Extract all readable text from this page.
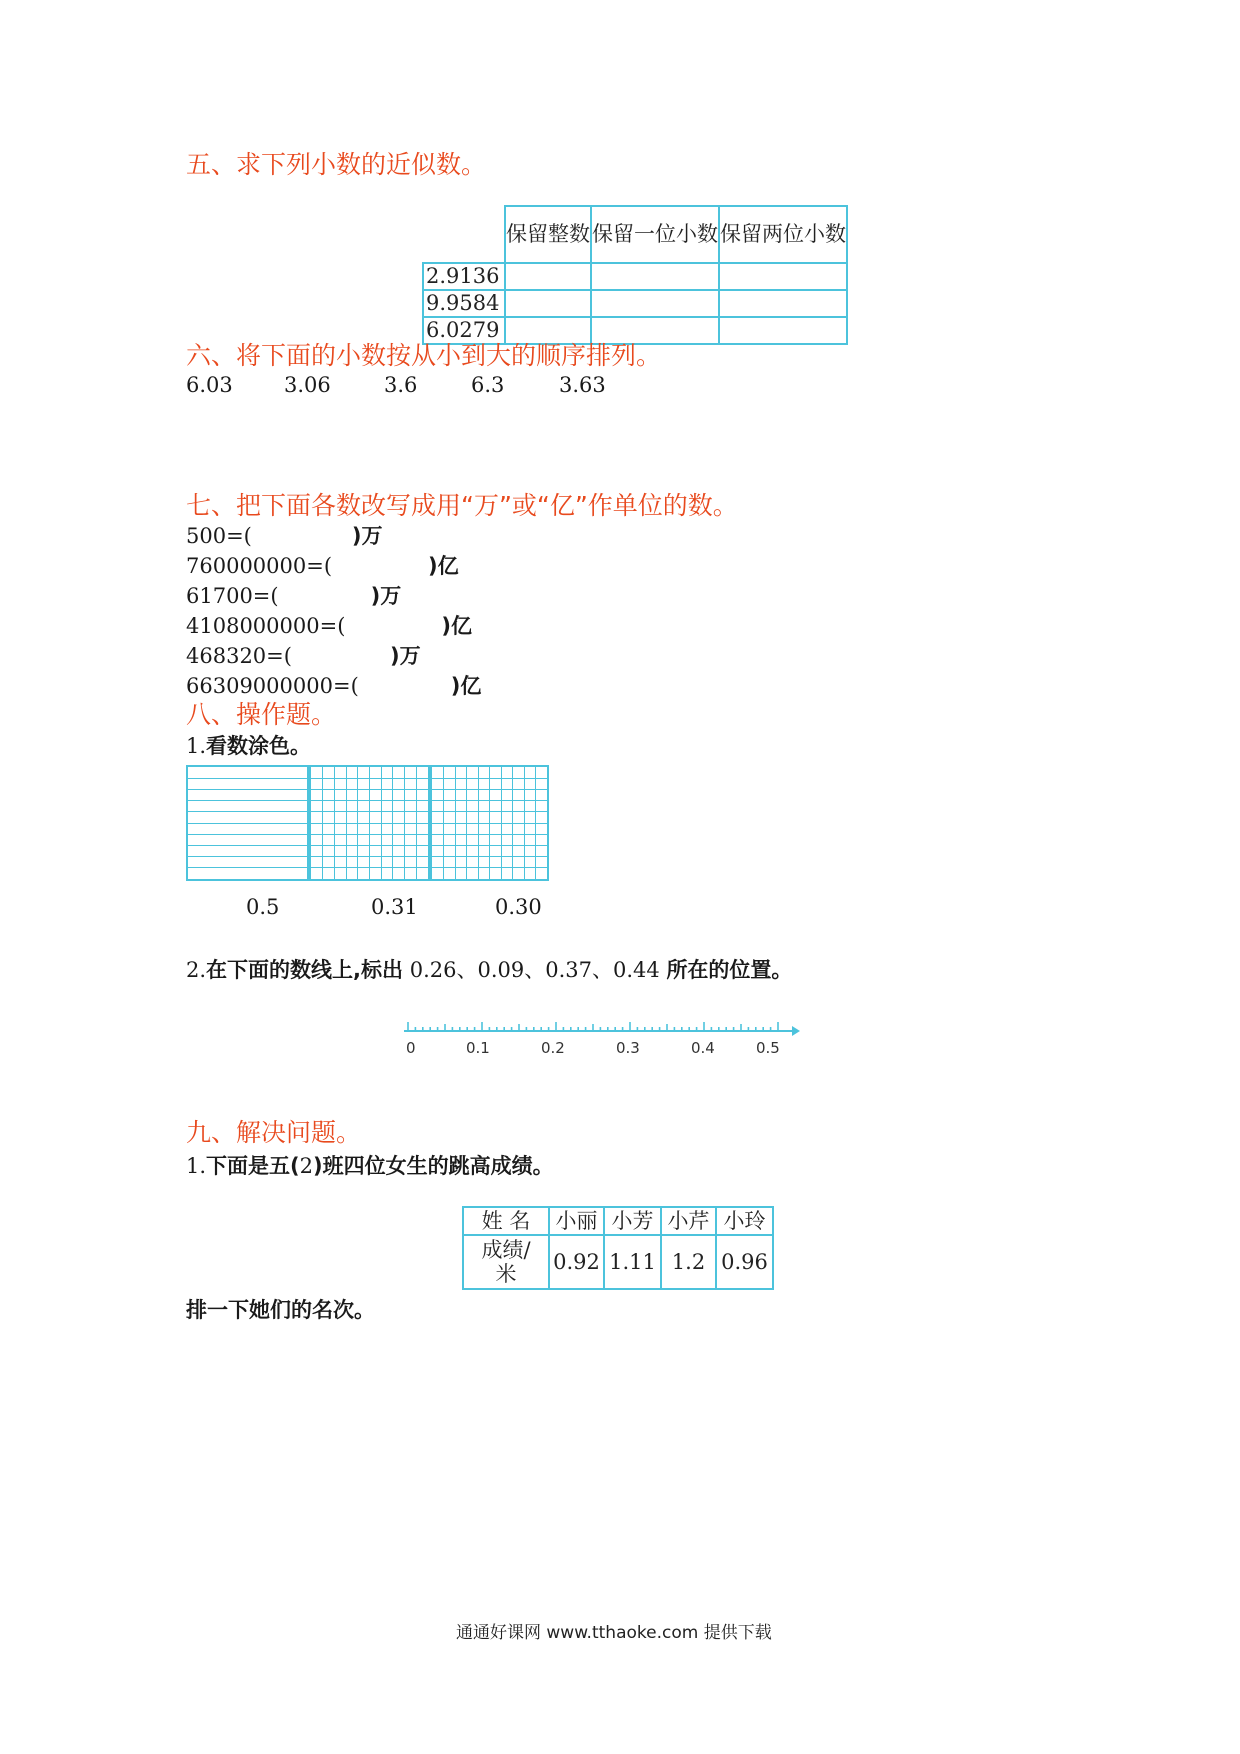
五、求下列小数的近似数。
	保留整数	保留一位小数	保留两位小数
2.9136			
9.9584			
6.0279			
六、将下面的小数按从小到大的顺序排列。
6.03 3.06	3.6	6.3	3.63
七、把下面各数改写成用“万”或“亿”作单位的数。
500=(	)万
760000000=(	)亿
61700=(	)万
4108000000=(	)亿
468320=(	)万
66309000000=(	)亿
八、操作题。
1.看数涂色。
0.5	0.31	0.30
2.在下面的数线上,标出 0.26、0.09、0.37、0.44 所在的位置。
0	0.1	0.2	0.3	0.4	0.5
九、解决问题。
1.下面是五(2)班四位女生的跳高成绩。
姓 名	小丽	小芳	小芹	小玲

成绩/米	0.92	1.11	1.2	0.96
排一下她们的名次。
通通好课网 www.tthaoke.com 提供下载
